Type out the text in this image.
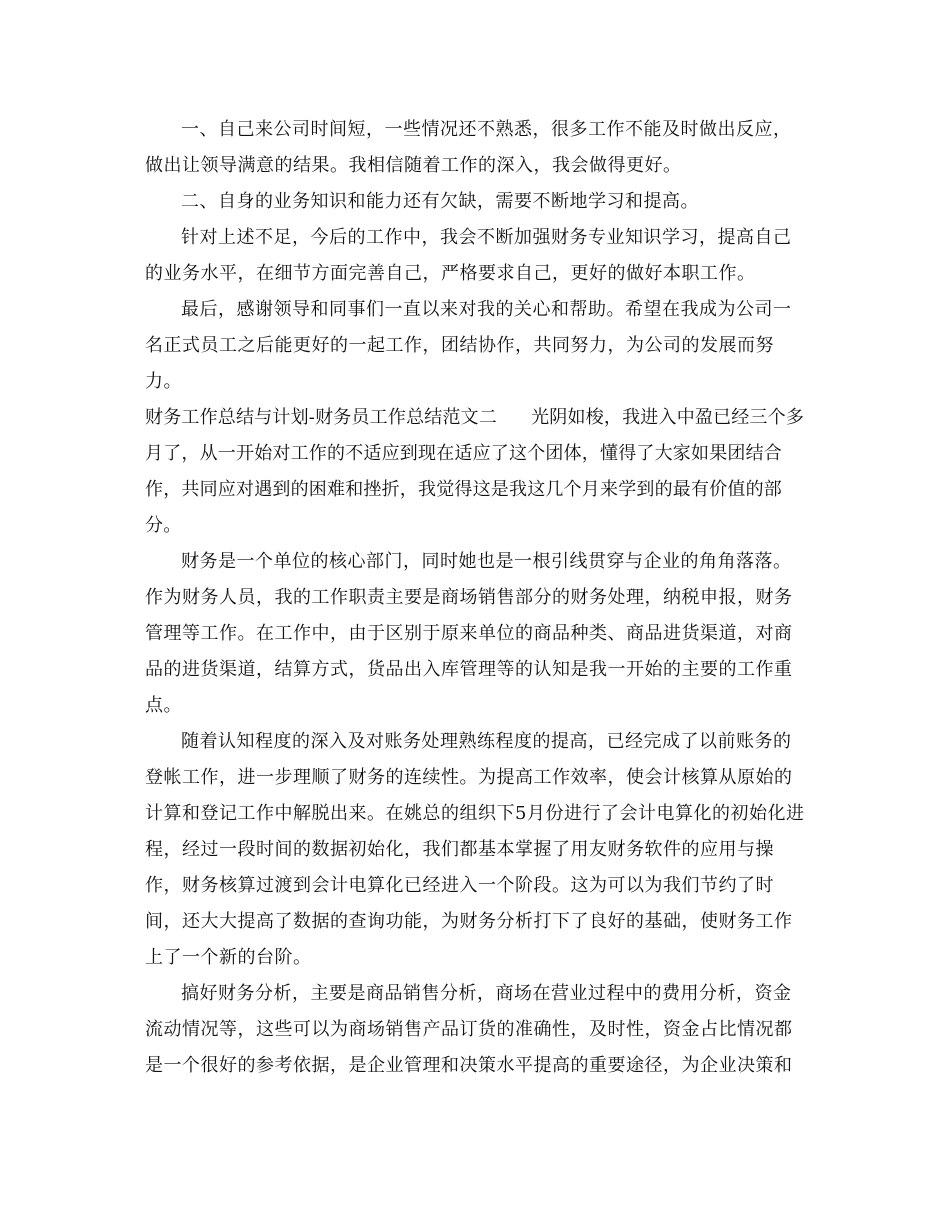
一、自己来公司时间短，一些情况还不熟悉，很多工作不能及时做出反应，做出让领导满意的结果。我相信随着工作的深入，我会做得更好。

二、自身的业务知识和能力还有欠缺，需要不断地学习和提高。

针对上述不足，今后的工作中，我会不断加强财务专业知识学习，提高自己的业务水平，在细节方面完善自己，严格要求自己，更好的做好本职工作。

最后，感谢领导和同事们一直以来对我的关心和帮助。希望在我成为公司一名正式员工之后能更好的一起工作，团结协作，共同努力，为公司的发展而努力。

财务工作总结与计划-财务员工作总结范文二 光阴如梭，我进入中盈已经三个多月了，从一开始对工作的不适应到现在适应了这个团体，懂得了大家如果团结合作，共同应对遇到的困难和挫折，我觉得这是我这几个月来学到的最有价值的部分。

财务是一个单位的核心部门，同时她也是一根引线贯穿与企业的角角落落。作为财务人员，我的工作职责主要是商场销售部分的财务处理，纳税申报，财务管理等工作。在工作中，由于区别于原来单位的商品种类、商品进货渠道，对商品的进货渠道，结算方式，货品出入库管理等的认知是我一开始的主要的工作重点。

随着认知程度的深入及对账务处理熟练程度的提高，已经完成了以前账务的登帐工作，进一步理顺了财务的连续性。为提高工作效率，使会计核算从原始的计算和登记工作中解脱出来。在姚总的组织下5月份进行了会计电算化的初始化进程，经过一段时间的数据初始化，我们都基本掌握了用友财务软件的应用与操作，财务核算过渡到会计电算化已经进入一个阶段。这为可以为我们节约了时间，还大大提高了数据的查询功能，为财务分析打下了良好的基础，使财务工作上了一个新的台阶。

搞好财务分析，主要是商品销售分析，商场在营业过程中的费用分析，资金流动情况等，这些可以为商场销售产品订货的准确性，及时性，资金占比情况都是一个很好的参考依据，是企业管理和决策水平提高的重要途径，为企业决策和
